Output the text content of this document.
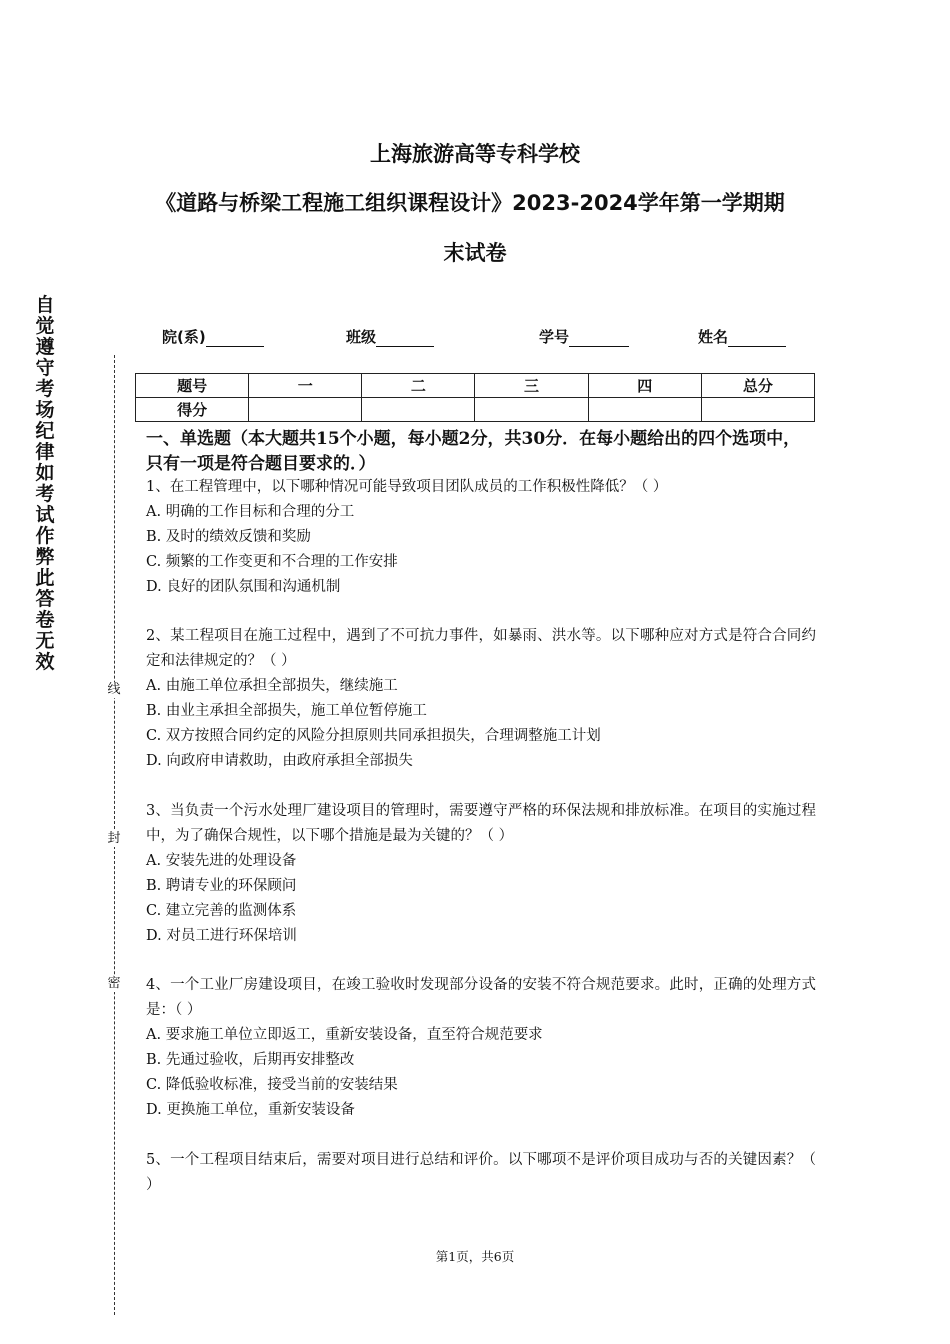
上海旅游高等专科学校
《道路与桥梁工程施工组织课程设计》2023-2024学年第一学期期
末试卷
自觉遵守考场纪律如考试作弊此答卷无效
线
封
密
院(系)	班级	学号	姓名
题号	一	二	三	四	总分
得分					
一、单选题（本大题共15个小题，每小题2分，共30分．在每小题给出的四个选项中，只有一项是符合题目要求的．）

1、在工程管理中，以下哪种情况可能导致项目团队成员的工作积极性降低？（ ）

A. 明确的工作目标和合理的分工

B. 及时的绩效反馈和奖励

C. 频繁的工作变更和不合理的工作安排

D. 良好的团队氛围和沟通机制

2、某工程项目在施工过程中，遇到了不可抗力事件，如暴雨、洪水等。以下哪种应对方式是符合合同约定和法律规定的？（ ）

A. 由施工单位承担全部损失，继续施工

B. 由业主承担全部损失，施工单位暂停施工

C. 双方按照合同约定的风险分担原则共同承担损失，合理调整施工计划

D. 向政府申请救助，由政府承担全部损失

3、当负责一个污水处理厂建设项目的管理时，需要遵守严格的环保法规和排放标准。在项目的实施过程中，为了确保合规性，以下哪个措施是最为关键的？（ ）

A. 安装先进的处理设备

B. 聘请专业的环保顾问

C. 建立完善的监测体系

D. 对员工进行环保培训

4、一个工业厂房建设项目，在竣工验收时发现部分设备的安装不符合规范要求。此时，正确的处理方式是：（ ）

A. 要求施工单位立即返工，重新安装设备，直至符合规范要求

B. 先通过验收，后期再安排整改

C. 降低验收标准，接受当前的安装结果

D. 更换施工单位，重新安装设备

5、一个工程项目结束后，需要对项目进行总结和评价。以下哪项不是评价项目成功与否的关键因素？（ ）

第1页，共6页
